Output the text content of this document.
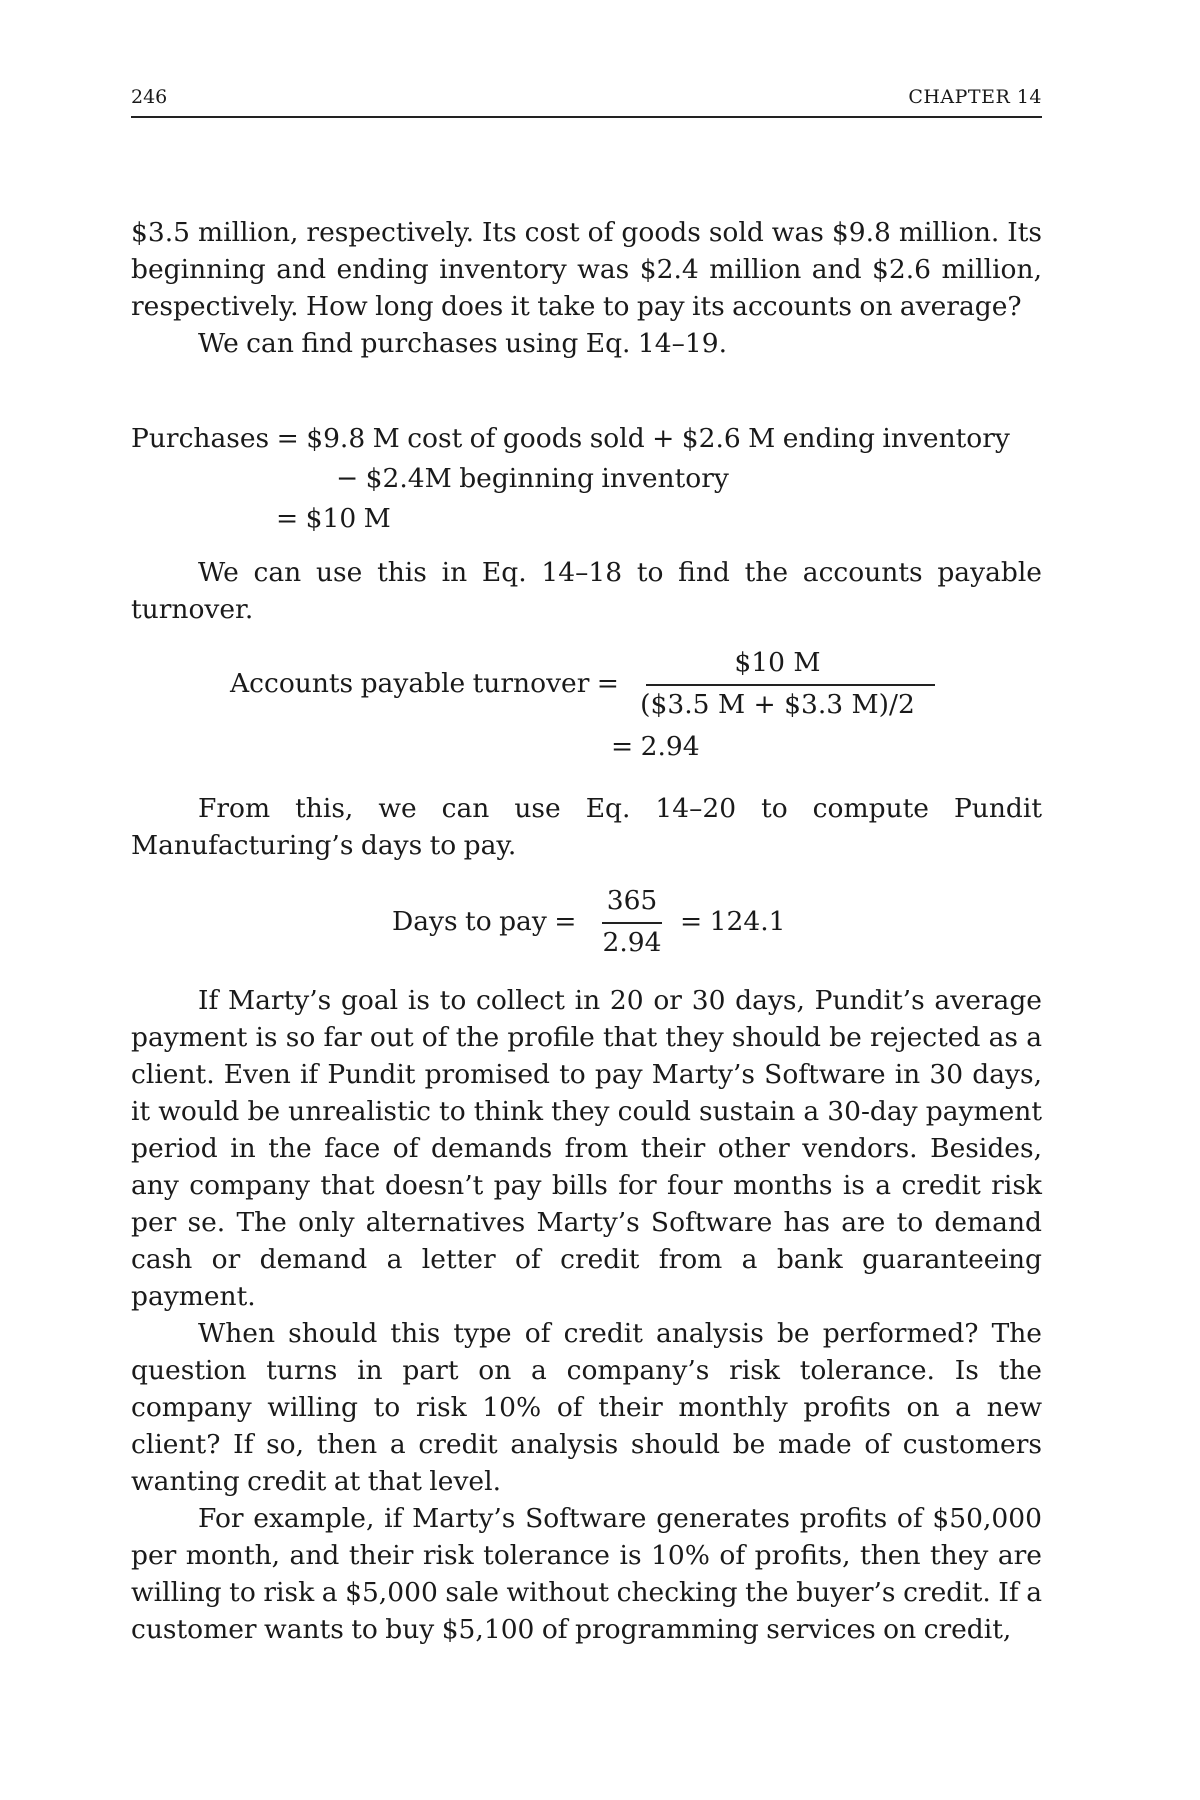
246	CHAPTER 14

$3.5 million, respectively. Its cost of goods sold was $9.8 million. Its beginning and ending inventory was $2.4 million and $2.6 million, respectively. How long does it take to pay its accounts on average?

We can find purchases using Eq. 14–19.

Purchases = $9.8 M cost of goods sold + $2.6 M ending inventory
− $2.4M beginning inventory
= $10 M

We can use this in Eq. 14–18 to find the accounts payable turnover.

Accounts payable turnover =
$10 M
($3.5 M + $3.3 M)/2
= 2.94

From this, we can use Eq. 14–20 to compute Pundit Manufacturing’s days to pay.

Days to pay =
365
2.94
= 124.1

If Marty’s goal is to collect in 20 or 30 days, Pundit’s average payment is so far out of the profile that they should be rejected as a client. Even if Pundit promised to pay Marty’s Software in 30 days, it would be unrealistic to think they could sustain a 30-day payment period in the face of demands from their other vendors. Besides, any company that doesn’t pay bills for four months is a credit risk per se. The only alternatives Marty’s Software has are to demand cash or demand a letter of credit from a bank guaranteeing payment.

When should this type of credit analysis be performed? The question turns in part on a company’s risk tolerance. Is the company willing to risk 10% of their monthly profits on a new client? If so, then a credit analysis should be made of customers wanting credit at that level.

For example, if Marty’s Software generates profits of $50,000 per month, and their risk tolerance is 10% of profits, then they are willing to risk a $5,000 sale without checking the buyer’s credit. If a customer wants to buy $5,100 of programming services on credit,
